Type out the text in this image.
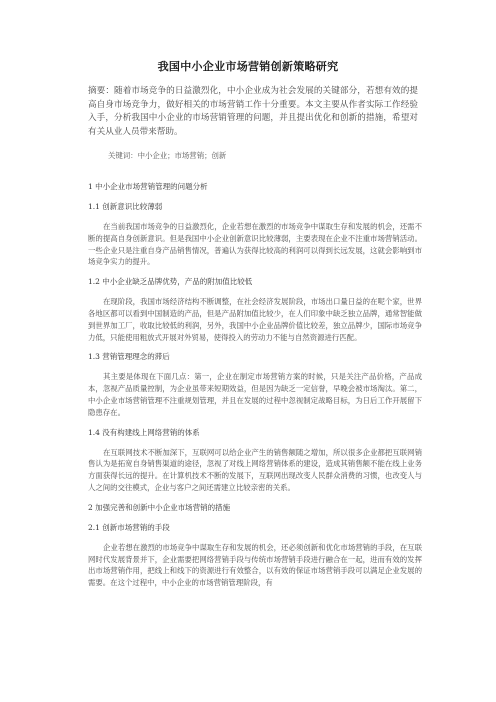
我国中小企业市场营销创新策略研究
摘要：随着市场竞争的日益激烈化，中小企业成为社会发展的关键部分，若想有效的提高自身市场竞争力，做好相关的市场营销工作十分重要。本文主要从作者实际工作经验入手，分析我国中小企业的市场营销管理的问题，并且提出优化和创新的措施，希望对有关从业人员带来帮助。
关键词：中小企业；市场营销；创新
1 中小企业市场营销管理的问题分析
1.1 创新意识比较薄弱
在当前我国市场竞争的日益激烈化，企业若想在激烈的市场竞争中谋取生存和发展的机会，还需不断的提高自身创新意识。但是我国中小企业创新意识比较薄弱，主要表现在企业不注重市场营销活动。一些企业只是注重自身产品销售情况，普遍认为获得比较高的利润可以得到长远发展，这就会影响到市场竞争实力的提升。
1.2 中小企业缺乏品牌优势，产品的附加值比较低
在现阶段，我国市场经济结构不断调整，在社会经济发展阶段，市场出口量日益的在呢个家，世界各地区都可以看到中国制造的产品，但是产品附加值比较少，在人们印象中缺乏独立品牌，通常智能做到世界加工厂，收取比较低的利润，另外，我国中小企业品牌价值比较差，独立品牌少，国际市场竞争力低，只能使用粗放式开展对外贸易，使得投入的劳动力不能与自然资源进行匹配。
1.3 营销管理理念的滞后
其主要是体现在下面几点：第一，企业在制定市场营销方案的时候，只是关注产品价格，产品成本，忽视产品质量控制，为企业虽带来短期效益，但是因为缺乏一定信誉，早晚会被市场淘汰。第二，中小企业市场营销管理不注重规划管理，并且在发展的过程中忽视制定战略目标，为日后工作开展留下隐患存在。
1.4 没有构建线上网络营销的体系
在互联网技术不断加深下，互联网可以给企业产生的销售额随之增加，所以很多企业都把互联网销售认为是拓宽自身销售渠道的途径，忽视了对线上网络营销体系的建设，造成其销售额不能在线上业务方面获得长远的提升。在计算机技术不断的发展下，互联网出现改变人民群众消费的习惯，也改变人与人之间的交往模式，企业与客户之间还需建立比较亲密的关系。
2 加强完善和创新中小企业市场营销的措施
2.1 创新市场营销的手段
企业若想在激烈的市场竞争中谋取生存和发展的机会，还必须创新和优化市场营销的手段，在互联网时代发展背景并下，企业需要把网络营销手段与传统市场营销手段进行融合在一起，进而有效的发挥出市场营销作用，把线上和线下的资源进行有效整合，以有效的保证市场营销手段可以满足企业发展的需要。在这个过程中，中小企业的市场营销管理阶段，有
